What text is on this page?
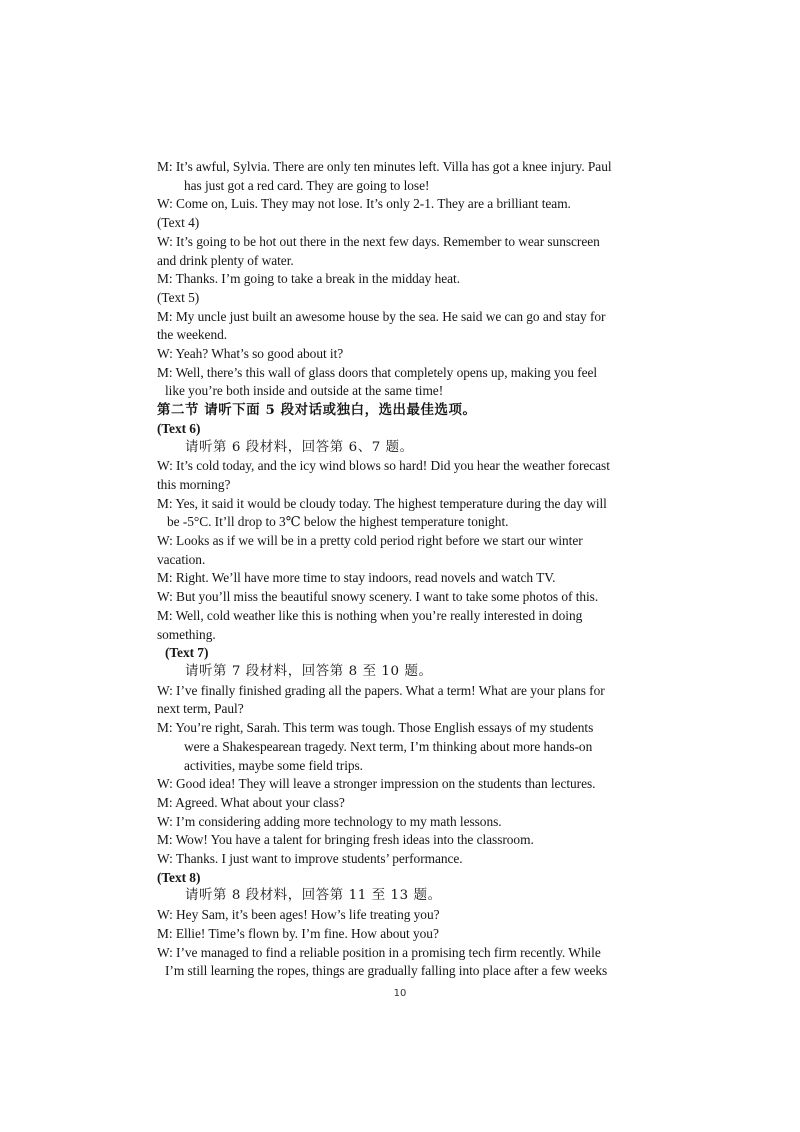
M: It’s awful, Sylvia. There are only ten minutes left. Villa has got a knee injury. Paul
has just got a red card. They are going to lose!
W: Come on, Luis. They may not lose. It’s only 2-1. They are a brilliant team.
(Text 4)
W: It’s going to be hot out there in the next few days. Remember to wear sunscreen
and drink plenty of water.
M: Thanks. I’m going to take a break in the midday heat.
(Text 5)
M: My uncle just built an awesome house by the sea. He said we can go and stay for
the weekend.
W: Yeah? What’s so good about it?
M: Well, there’s this wall of glass doors that completely opens up, making you feel
like you’re both inside and outside at the same time!
第二节 请听下面 5 段对话或独白，选出最佳选项。
(Text 6)
请听第 6 段材料，回答第 6、7 题。
W: It’s cold today, and the icy wind blows so hard! Did you hear the weather forecast
this morning?
M: Yes, it said it would be cloudy today. The highest temperature during the day will
be -5°C. It’ll drop to 3℃ below the highest temperature tonight.
W: Looks as if we will be in a pretty cold period right before we start our winter
vacation.
M: Right. We’ll have more time to stay indoors, read novels and watch TV.
W: But you’ll miss the beautiful snowy scenery. I want to take some photos of this.
M: Well, cold weather like this is nothing when you’re really interested in doing
something.
(Text 7)
请听第 7 段材料，回答第 8 至 10 题。
W: I’ve finally finished grading all the papers. What a term! What are your plans for
next term, Paul?
M: You’re right, Sarah. This term was tough. Those English essays of my students
were a Shakespearean tragedy. Next term, I’m thinking about more hands-on
activities, maybe some field trips.
W: Good idea! They will leave a stronger impression on the students than lectures.
M: Agreed. What about your class?
W: I’m considering adding more technology to my math lessons.
M: Wow! You have a talent for bringing fresh ideas into the classroom.
W: Thanks. I just want to improve students’ performance.
(Text 8)
请听第 8 段材料，回答第 11 至 13 题。
W: Hey Sam, it’s been ages! How’s life treating you?
M: Ellie! Time’s flown by. I’m fine. How about you?
W: I’ve managed to find a reliable position in a promising tech firm recently. While
I’m still learning the ropes, things are gradually falling into place after a few weeks
10
